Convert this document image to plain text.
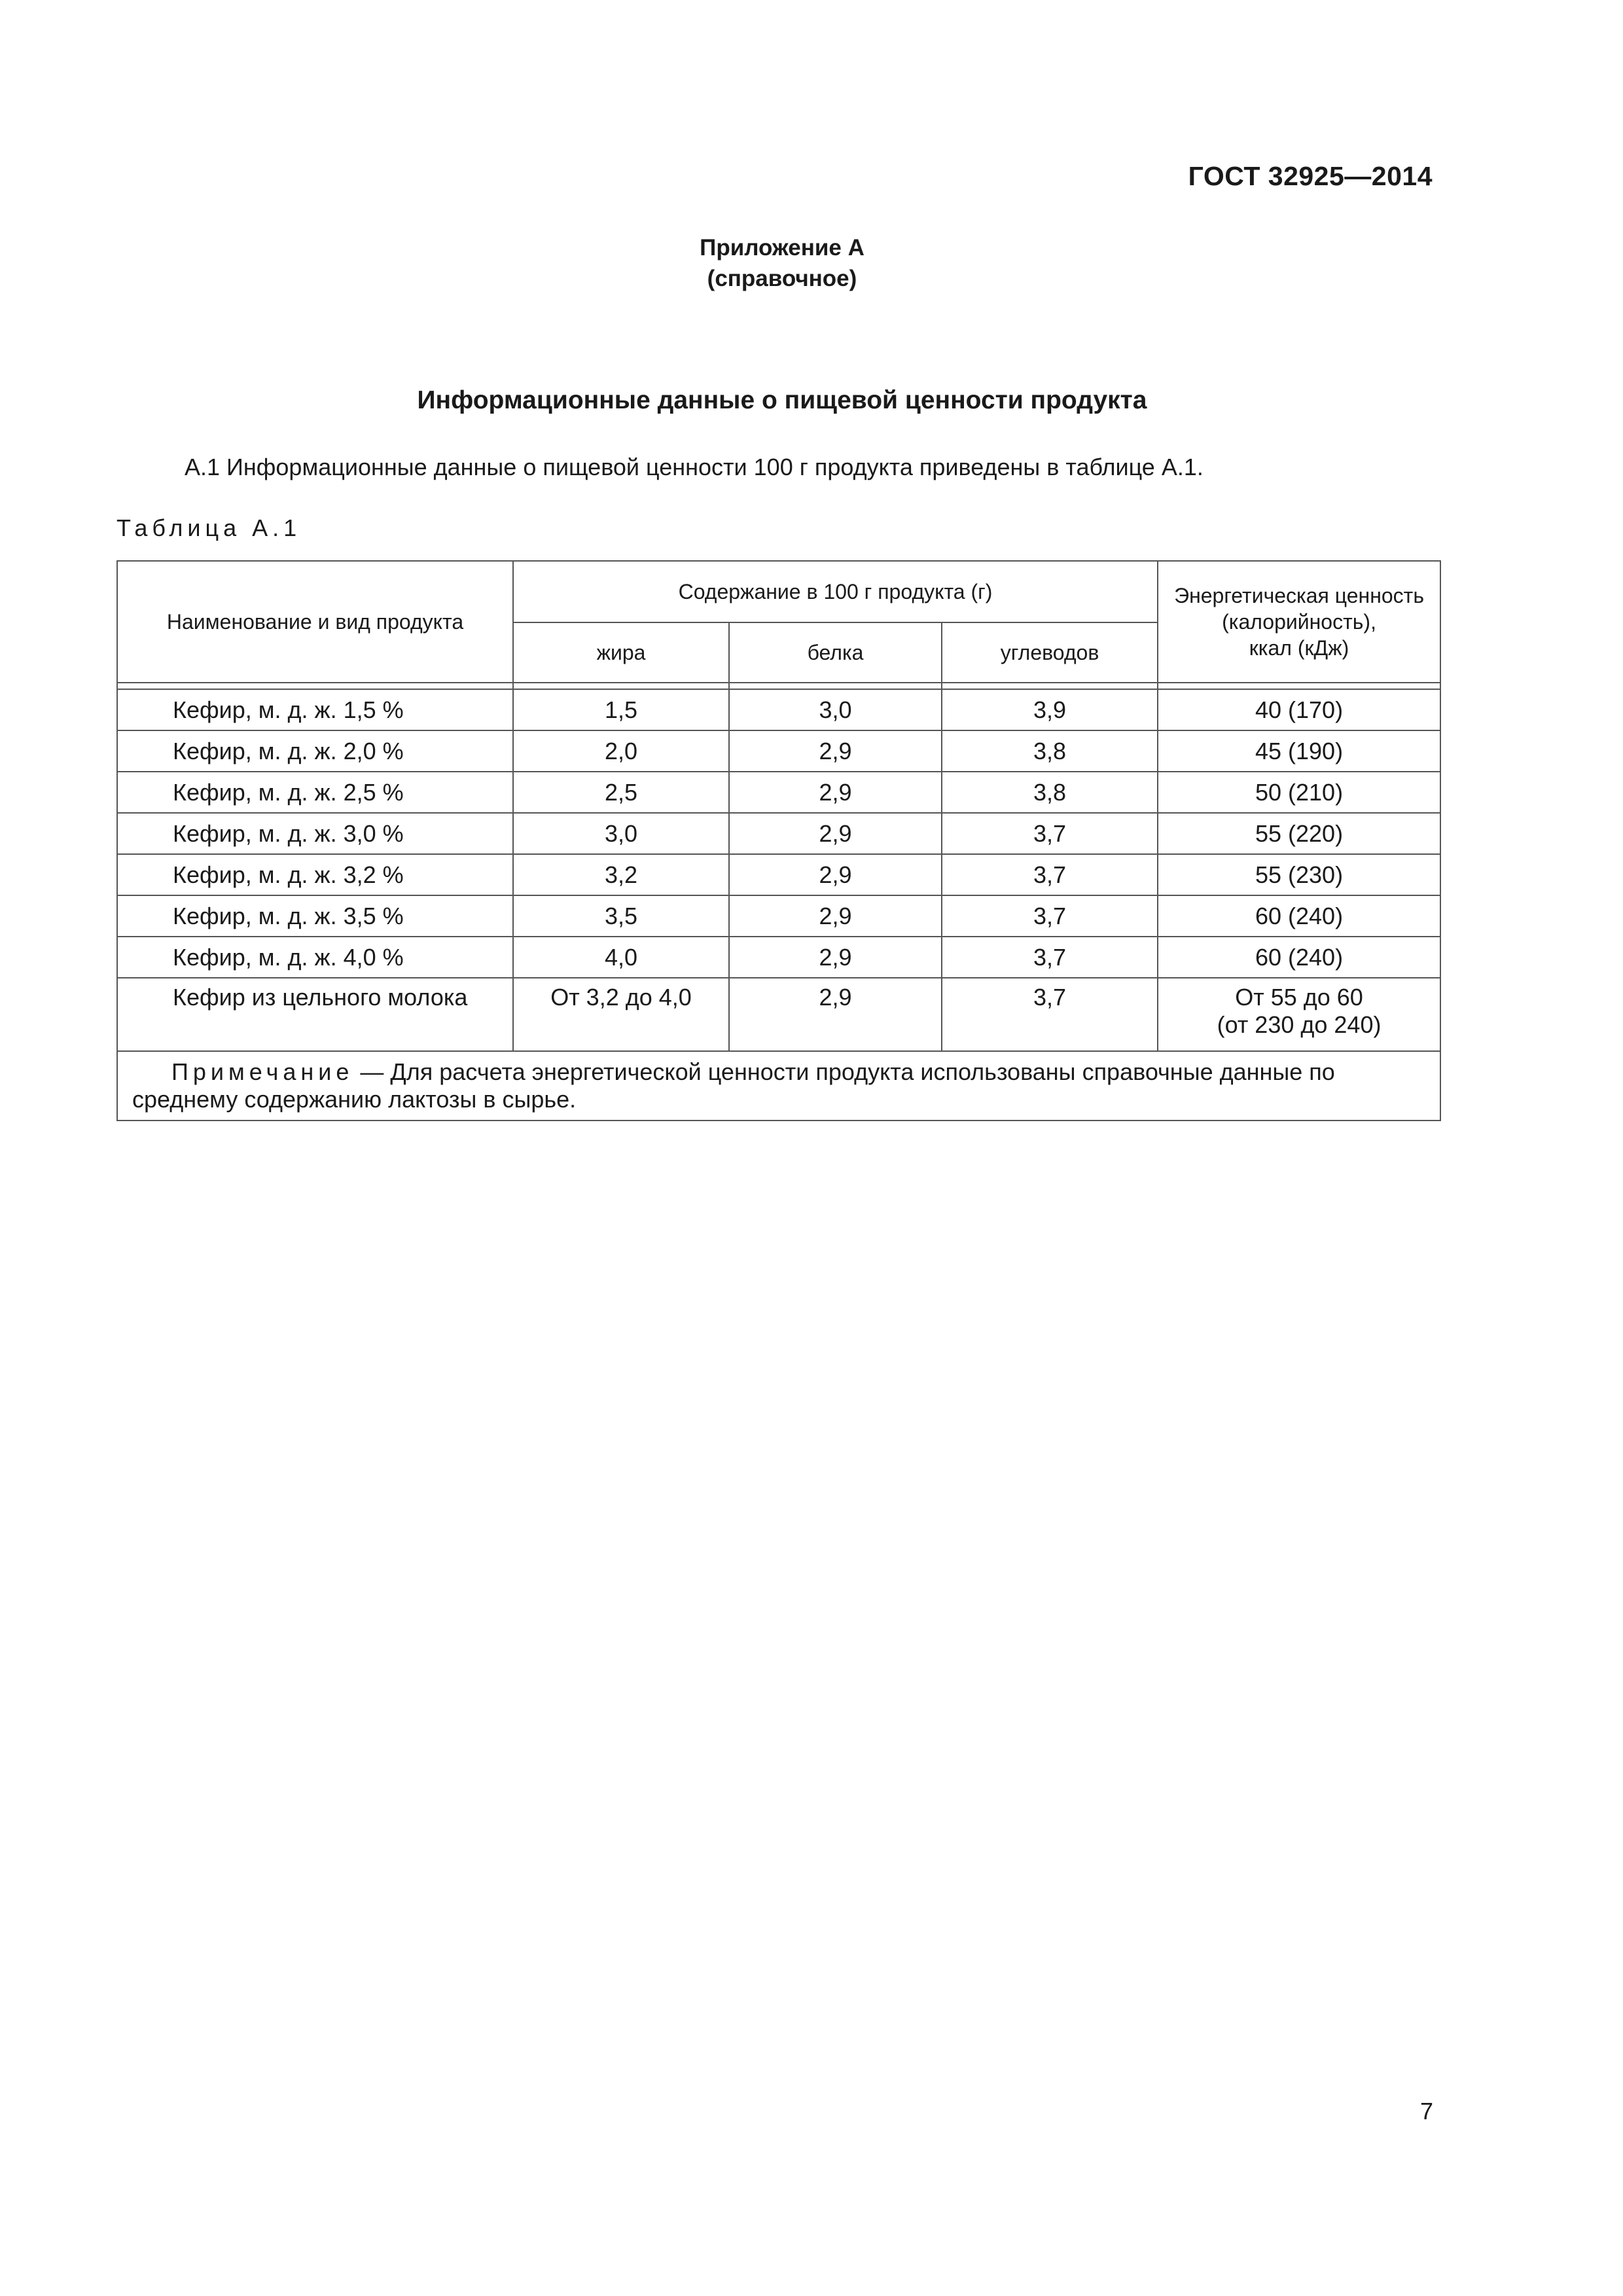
ГОСТ 32925—2014
Приложение А
(справочное)
Информационные данные о пищевой ценности продукта
А.1 Информационные данные о пищевой ценности 100 г продукта приведены в таблице А.1.
Таблица А.1
Наименование и вид продукта	Содержание в 100 г продукта (г)			Энергетическая ценность
(калорийность),
ккал (кДж)

	жира	белка	углеводов	

Кефир, м. д. ж. 1,5 %	1,5	3,0	3,9	40 (170)
Кефир, м. д. ж. 2,0 %	2,0	2,9	3,8	45 (190)
Кефир, м. д. ж. 2,5 %	2,5	2,9	3,8	50 (210)
Кефир, м. д. ж. 3,0 %	3,0	2,9	3,7	55 (220)
Кефир, м. д. ж. 3,2 %	3,2	2,9	3,7	55 (230)
Кефир, м. д. ж. 3,5 %	3,5	2,9	3,7	60 (240)
Кефир, м. д. ж. 4,0 %	4,0	2,9	3,7	60 (240)
Кефир из цельного молока	От 3,2 до 4,0	2,9	3,7	От 55 до 60
(от 230 до 240)

Примечание — Для расчета энергетической ценности продукта использованы справочные данные по среднему содержанию лактозы в сырье.				
7
